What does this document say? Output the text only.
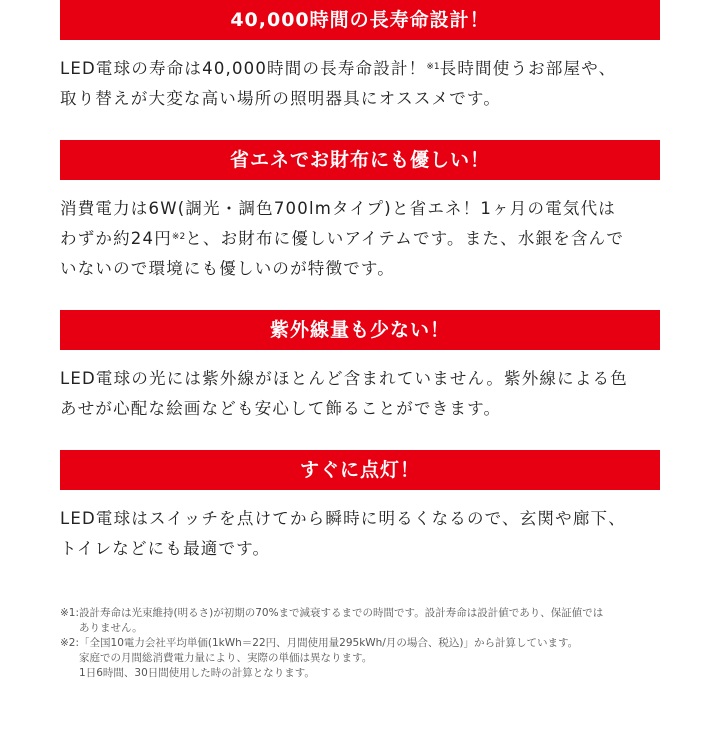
40,000時間の長寿命設計！

LED電球の寿命は40,000時間の長寿命設計！$^{※1}$長時間使うお部屋や、
取り替えが大変な高い場所の照明器具にオススメです。

省エネでお財布にも優しい！

消費電力は6W(調光・調色700lmタイプ)と省エネ！1ヶ月の電気代は
わずか約24円$^{※2}$と、お財布に優しいアイテムです。また、水銀を含んで
いないので環境にも優しいのが特徴です。

紫外線量も少ない！

LED電球の光には紫外線がほとんど含まれていません。紫外線による色
あせが心配な絵画なども安心して飾ることができます。

すぐに点灯！

LED電球はスイッチを点けてから瞬時に明るくなるので、玄関や廊下、
トイレなどにも最適です。

※1: 設計寿命は光束維持(明るさ)が初期の70%まで減衰するまでの時間です。設計寿命は設計値であり、保証値では
ありません。
※2: 「全国10電力会社平均単価(1kWh＝22円、月間使用量295kWh/月の場合、税込)」から計算しています。
家庭での月間総消費電力量により、実際の単価は異なります。
1日6時間、30日間使用した時の計算となります。
